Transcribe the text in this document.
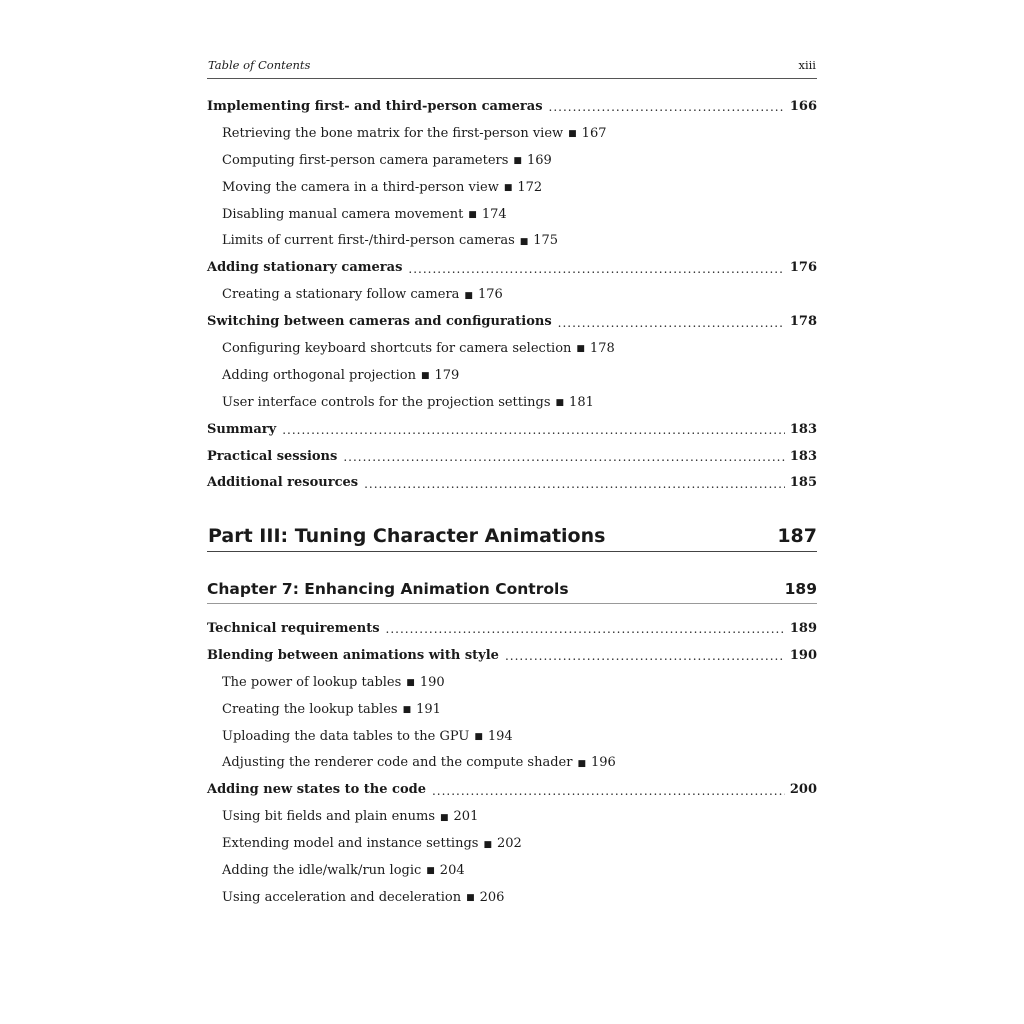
Table of Contents	xiii
Implementing first- and third-person cameras .....	166
Retrieving the bone matrix for the first-person view ■ 167
Computing first-person camera parameters ■ 169
Moving the camera in a third-person view ■ 172
Disabling manual camera movement ■ 174
Limits of current first-/third-person cameras ■ 175
Adding stationary cameras .....	176
Creating a stationary follow camera ■ 176
Switching between cameras and configurations .....	178
Configuring keyboard shortcuts for camera selection ■ 178
Adding orthogonal projection ■ 179
User interface controls for the projection settings ■ 181
Summary .....	183
Practical sessions .....	183
Additional resources .....	185
Part III: Tuning Character Animations	187
Chapter 7: Enhancing Animation Controls	189
Technical requirements .....	189
Blending between animations with style .....	190
The power of lookup tables ■ 190
Creating the lookup tables ■ 191
Uploading the data tables to the GPU ■ 194
Adjusting the renderer code and the compute shader ■ 196
Adding new states to the code .....	200
Using bit fields and plain enums ■ 201
Extending model and instance settings ■ 202
Adding the idle/walk/run logic ■ 204
Using acceleration and deceleration ■ 206
